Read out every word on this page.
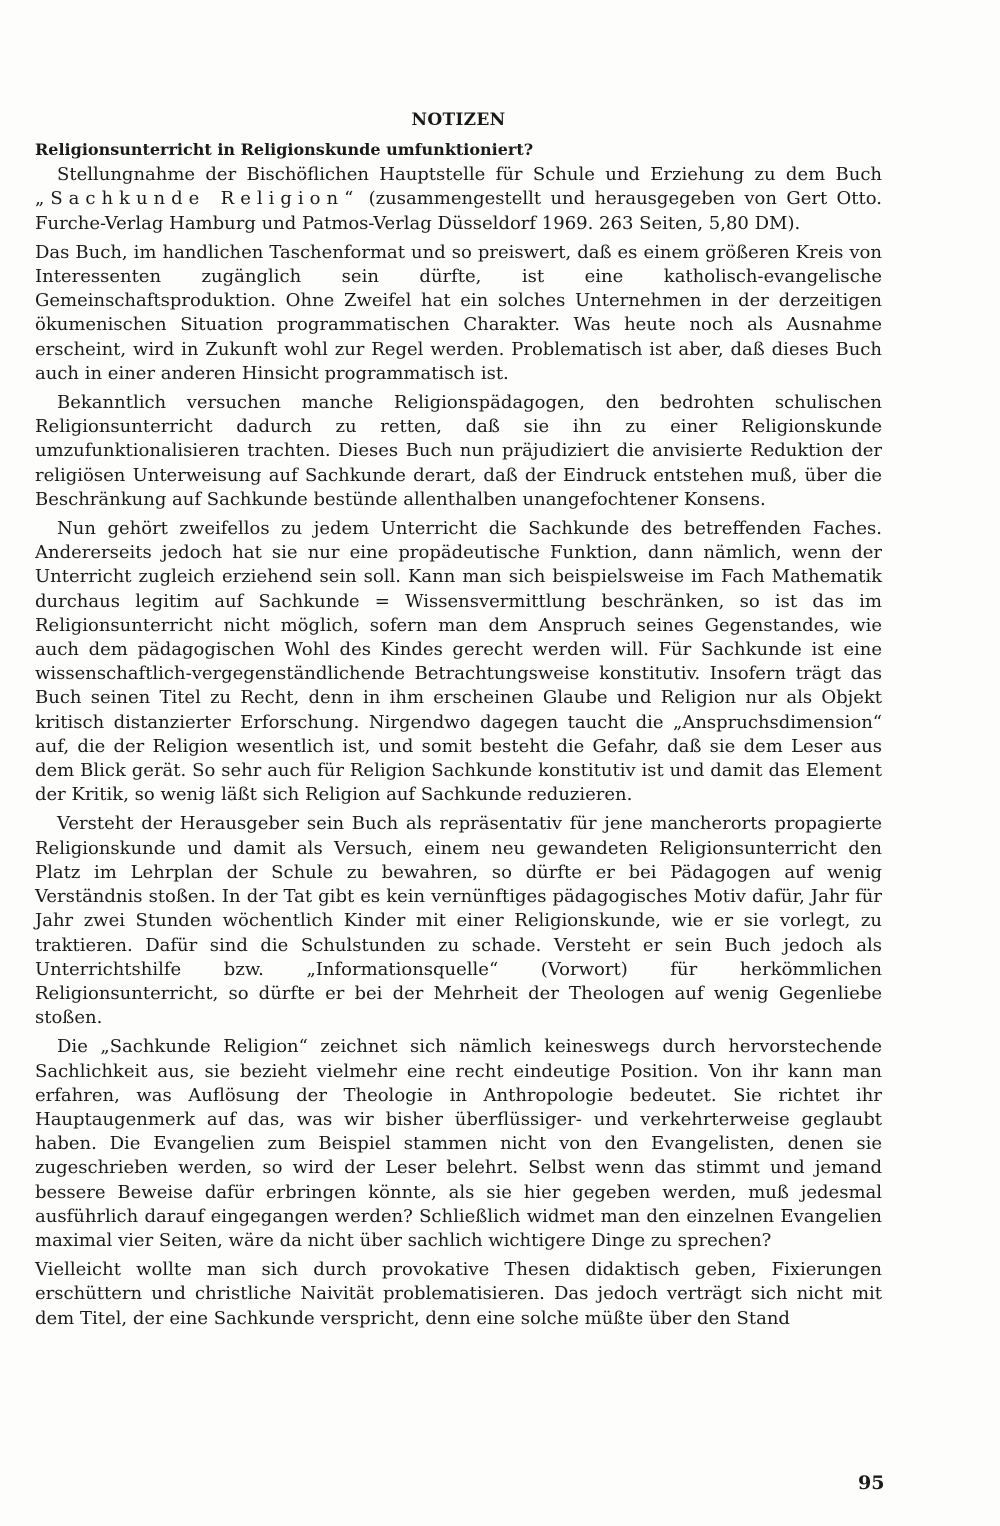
NOTIZEN
Religionsunterricht in Religionskunde umfunktioniert?

Stellungnahme der Bischöflichen Hauptstelle für Schule und Erziehung zu dem Buch „Sachkunde Religion“ (zusammengestellt und herausgegeben von Gert Otto. Furche-Verlag Hamburg und Patmos-Verlag Düsseldorf 1969. 263 Seiten, 5,80 DM).

Das Buch, im handlichen Taschenformat und so preiswert, daß es einem größeren Kreis von Interessenten zugänglich sein dürfte, ist eine katholisch-evangelische Gemeinschaftsproduktion. Ohne Zweifel hat ein solches Unternehmen in der derzeitigen ökumenischen Situation programmatischen Charakter. Was heute noch als Ausnahme erscheint, wird in Zukunft wohl zur Regel werden. Problematisch ist aber, daß dieses Buch auch in einer anderen Hinsicht programmatisch ist.

Bekanntlich versuchen manche Religionspädagogen, den bedrohten schulischen Religionsunterricht dadurch zu retten, daß sie ihn zu einer Religionskunde umzufunktionalisieren trachten. Dieses Buch nun präjudiziert die anvisierte Reduktion der religiösen Unterweisung auf Sachkunde derart, daß der Eindruck entstehen muß, über die Beschränkung auf Sachkunde bestünde allenthalben unangefochtener Konsens.

Nun gehört zweifellos zu jedem Unterricht die Sachkunde des betreffenden Faches. Andererseits jedoch hat sie nur eine propädeutische Funktion, dann nämlich, wenn der Unterricht zugleich erziehend sein soll. Kann man sich beispielsweise im Fach Mathematik durchaus legitim auf Sachkunde = Wissensvermittlung beschränken, so ist das im Religionsunterricht nicht möglich, sofern man dem Anspruch seines Gegenstandes, wie auch dem pädagogischen Wohl des Kindes gerecht werden will. Für Sachkunde ist eine wissenschaftlich-vergegenständlichende Betrachtungsweise konstitutiv. Insofern trägt das Buch seinen Titel zu Recht, denn in ihm erscheinen Glaube und Religion nur als Objekt kritisch distanzierter Erforschung. Nirgendwo dagegen taucht die „Anspruchsdimension“ auf, die der Religion wesentlich ist, und somit besteht die Gefahr, daß sie dem Leser aus dem Blick gerät. So sehr auch für Religion Sachkunde konstitutiv ist und damit das Element der Kritik, so wenig läßt sich Religion auf Sachkunde reduzieren.

Versteht der Herausgeber sein Buch als repräsentativ für jene mancherorts propagierte Religionskunde und damit als Versuch, einem neu gewandeten Religionsunterricht den Platz im Lehrplan der Schule zu bewahren, so dürfte er bei Pädagogen auf wenig Verständnis stoßen. In der Tat gibt es kein vernünftiges pädagogisches Motiv dafür, Jahr für Jahr zwei Stunden wöchentlich Kinder mit einer Religionskunde, wie er sie vorlegt, zu traktieren. Dafür sind die Schulstunden zu schade. Versteht er sein Buch jedoch als Unterrichtshilfe bzw. „Informationsquelle“ (Vorwort) für herkömmlichen Religionsunterricht, so dürfte er bei der Mehrheit der Theologen auf wenig Gegenliebe stoßen.

Die „Sachkunde Religion“ zeichnet sich nämlich keineswegs durch hervorstechende Sachlichkeit aus, sie bezieht vielmehr eine recht eindeutige Position. Von ihr kann man erfahren, was Auflösung der Theologie in Anthropologie bedeutet. Sie richtet ihr Hauptaugenmerk auf das, was wir bisher überflüssiger- und verkehrterweise geglaubt haben. Die Evangelien zum Beispiel stammen nicht von den Evangelisten, denen sie zugeschrieben werden, so wird der Leser belehrt. Selbst wenn das stimmt und jemand bessere Beweise dafür erbringen könnte, als sie hier gegeben werden, muß jedesmal ausführlich darauf eingegangen werden? Schließlich widmet man den einzelnen Evangelien maximal vier Seiten, wäre da nicht über sachlich wichtigere Dinge zu sprechen?

Vielleicht wollte man sich durch provokative Thesen didaktisch geben, Fixierungen erschüttern und christliche Naivität problematisieren. Das jedoch verträgt sich nicht mit dem Titel, der eine Sachkunde verspricht, denn eine solche müßte über den Stand

95
